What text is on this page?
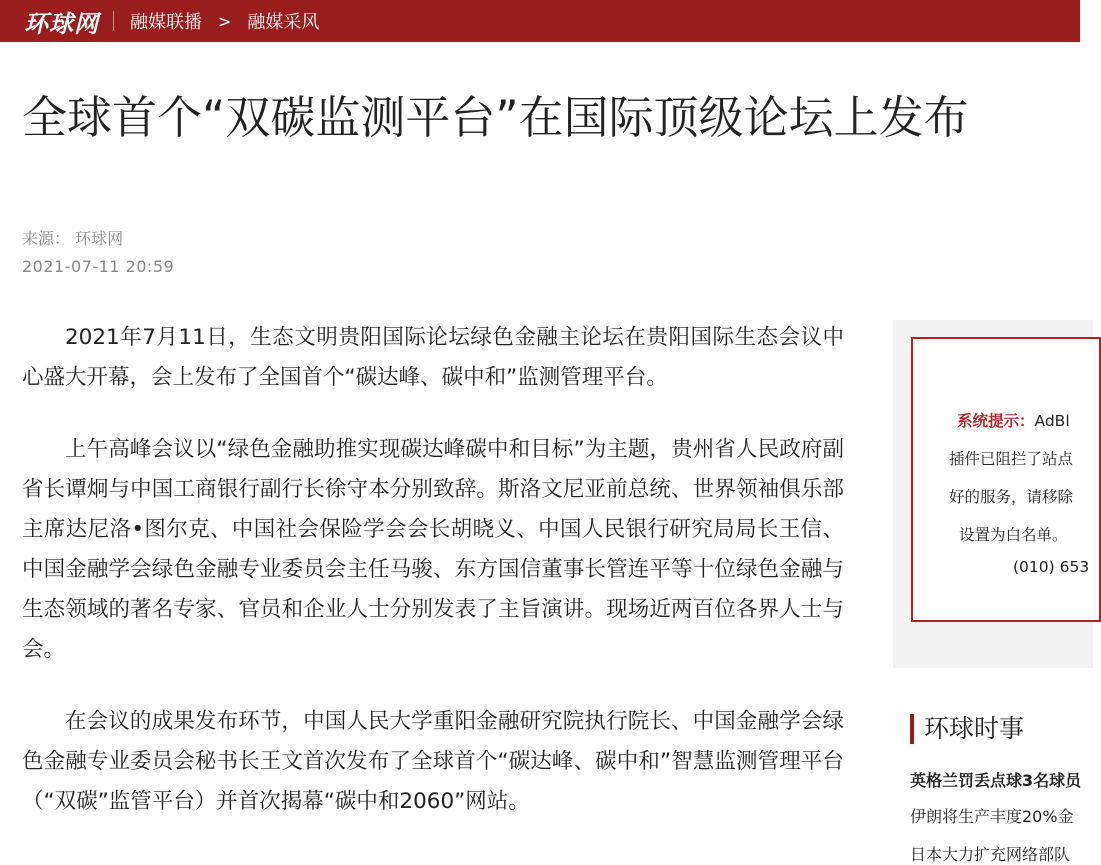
环球网 融媒联播 > 融媒采风
全球首个“双碳监测平台”在国际顶级论坛上发布
来源： 环球网
2021-07-11 20:59

2021年7月11日，生态文明贵阳国际论坛绿色金融主论坛在贵阳国际生态会议中心盛大开幕，会上发布了全国首个“碳达峰、碳中和”监测管理平台。

上午高峰会议以“绿色金融助推实现碳达峰碳中和目标”为主题，贵州省人民政府副省长谭炯与中国工商银行副行长徐守本分别致辞。斯洛文尼亚前总统、世界领袖俱乐部主席达尼洛•图尔克、中国社会保险学会会长胡晓义、中国人民银行研究局局长王信、中国金融学会绿色金融专业委员会主任马骏、东方国信董事长管连平等十位绿色金融与生态领域的著名专家、官员和企业人士分别发表了主旨演讲。现场近两百位各界人士与会。

在会议的成果发布环节，中国人民大学重阳金融研究院执行院长、中国金融学会绿色金融专业委员会秘书长王文首次发布了全球首个“碳达峰、碳中和”智慧监测管理平台（“双碳”监管平台）并首次揭幕“碳中和2060”网站。

系统提示：AdBl
插件已阻拦了站点
好的服务，请移除
设置为白名单。
(010) 653
环球时事
英格兰罚丢点球3名球员
伊朗将生产丰度20%金
日本大力扩充网络部队
